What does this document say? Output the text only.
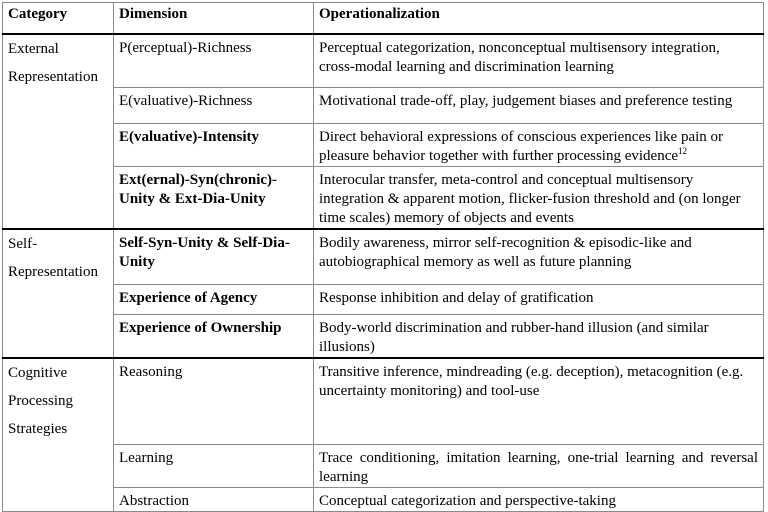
Category	Dimension	Operationalization
External Representation	P(erceptual)-Richness	Perceptual categorization, nonconceptual multisensory integration, cross-modal learning and discrimination learning
	E(valuative)-Richness	Motivational trade-off, play, judgement biases and preference testing
	E(valuative)-Intensity	Direct behavioral expressions of conscious experiences like pain or pleasure behavior together with further processing evidence$^{12}$
	Ext(ernal)-Syn(chronic)-Unity & Ext-Dia-Unity	Interocular transfer, meta-control and conceptual multisensory integration & apparent motion, flicker-fusion threshold and (on longer time scales) memory of objects and events
Self-Representation	Self-Syn-Unity & Self-Dia-Unity	Bodily awareness, mirror self-recognition & episodic-like and autobiographical memory as well as future planning
	Experience of Agency	Response inhibition and delay of gratification
	Experience of Ownership	Body-world discrimination and rubber-hand illusion (and similar illusions)
Cognitive Processing Strategies	Reasoning	Transitive inference, mindreading (e.g. deception), metacognition (e.g. uncertainty monitoring) and tool-use
	Learning	Trace conditioning, imitation learning, one-trial learning and reversal learning
	Abstraction	Conceptual categorization and perspective-taking
